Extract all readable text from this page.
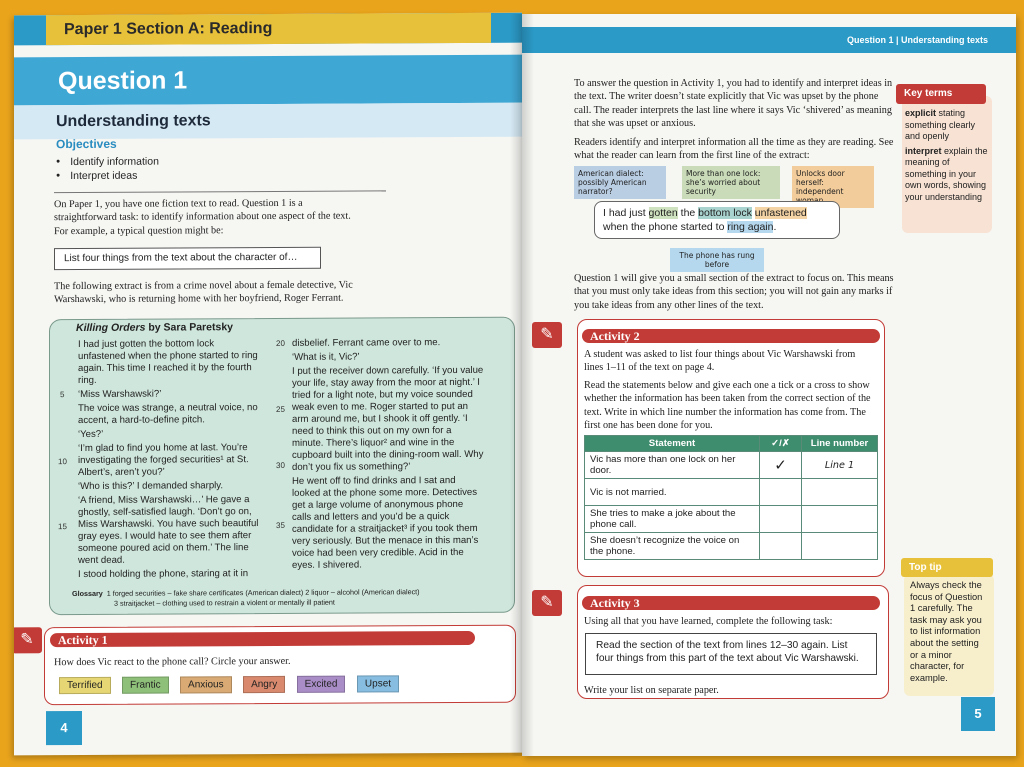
Paper 1 Section A: Reading
Question 1
Understanding texts
Objectives
● Identify information
● Interpret ideas

On Paper 1, you have one fiction text to read. Question 1 is a straightforward task: to identify information about one aspect of the text. For example, a typical question might be:

List four things from the text about the character of…

The following extract is from a crime novel about a female detective, Vic Warshawski, who is returning home with her boyfriend, Roger Ferrant.

Killing Orders by Sara Paretsky

I had just gotten the bottom lock unfastened when the phone started to ring again. This time I reached it by the fourth ring.

‘Miss Warshawski?’

The voice was strange, a neutral voice, no accent, a hard-to-define pitch.

‘Yes?’

‘I’m glad to find you home at last. You’re investigating the forged securities¹ at St. Albert’s, aren’t you?’

‘Who is this?’ I demanded sharply.

‘A friend, Miss Warshawski…’ He gave a ghostly, self-satisfied laugh. ‘Don’t go on, Miss Warshawski. You have such beautiful gray eyes. I would hate to see them after someone poured acid on them.’ The line went dead.

I stood holding the phone, staring at it in

5
10
15

disbelief. Ferrant came over to me.

‘What is it, Vic?’

I put the receiver down carefully. ‘If you value your life, stay away from the moor at night.’ I tried for a light note, but my voice sounded weak even to me. Roger started to put an arm around me, but I shook it off gently. ‘I need to think this out on my own for a minute. There’s liquor² and wine in the cupboard built into the dining-room wall. Why don’t you fix us something?’

He went off to find drinks and I sat and looked at the phone some more. Detectives get a large volume of anonymous phone calls and letters and you’d be a quick candidate for a straitjacket³ if you took them very seriously. But the menace in this man’s voice had been very credible. Acid in the eyes. I shivered.

20
25
30
35
Glossary 1 forged securities – fake share certificates (American dialect) 2 liquor – alcohol (American dialect)
3 straitjacket – clothing used to restrain a violent or mentally ill patient
✎	Activity 1

How does Vic react to the phone call? Circle your answer.

Terrified	Frantic	Anxious	Angry	Excited	Upset
4
Question 1 | Understanding texts

To answer the question in Activity 1, you had to identify and interpret ideas in the text. The writer doesn’t state explicitly that Vic was upset by the phone call. The reader interprets the last line where it says Vic ‘shivered’ as meaning that she was upset or anxious.

Readers identify and interpret information all the time as they are reading. See what the reader can learn from the first line of the extract:

Key terms
explicit stating something clearly and openly
interpret explain the meaning of something in your own words, showing your understanding
American dialect: possibly American narrator?
More than one lock: she’s worried about security
Unlocks door herself: independent
I had just gotten the bottom lock unfastened when the phone started to ring again.
The phone has rung before

Question 1 will give you a small section of the extract to focus on. This means that you must only take ideas from this section; you will not gain any marks if you take ideas from any other lines of the text.

✎	Activity 2

A student was asked to list four things about Vic Warshawski from lines 1–11 of the text on page 4.

Read the statements below and give each one a tick or a cross to show whether the information has been taken from the correct section of the text. Write in which line number the information has come from. The first one has been done for you.

Statement	✓/✗	Line number
Vic has more than one lock on her door.	✓	Line 1
Vic is not married.		
She tries to make a joke about the phone call.		
She doesn’t recognize the voice on the phone.		
Always check the focus of Question 1 carefully. The task may ask you to list information about the setting or a minor character, for example.
Top tip
✎	Activity 3

Using all that you have learned, complete the following task:

Read the section of the text from lines 12–30 again. List four things from this part of the text about Vic Warshawski.

Write your list on separate paper.

5
